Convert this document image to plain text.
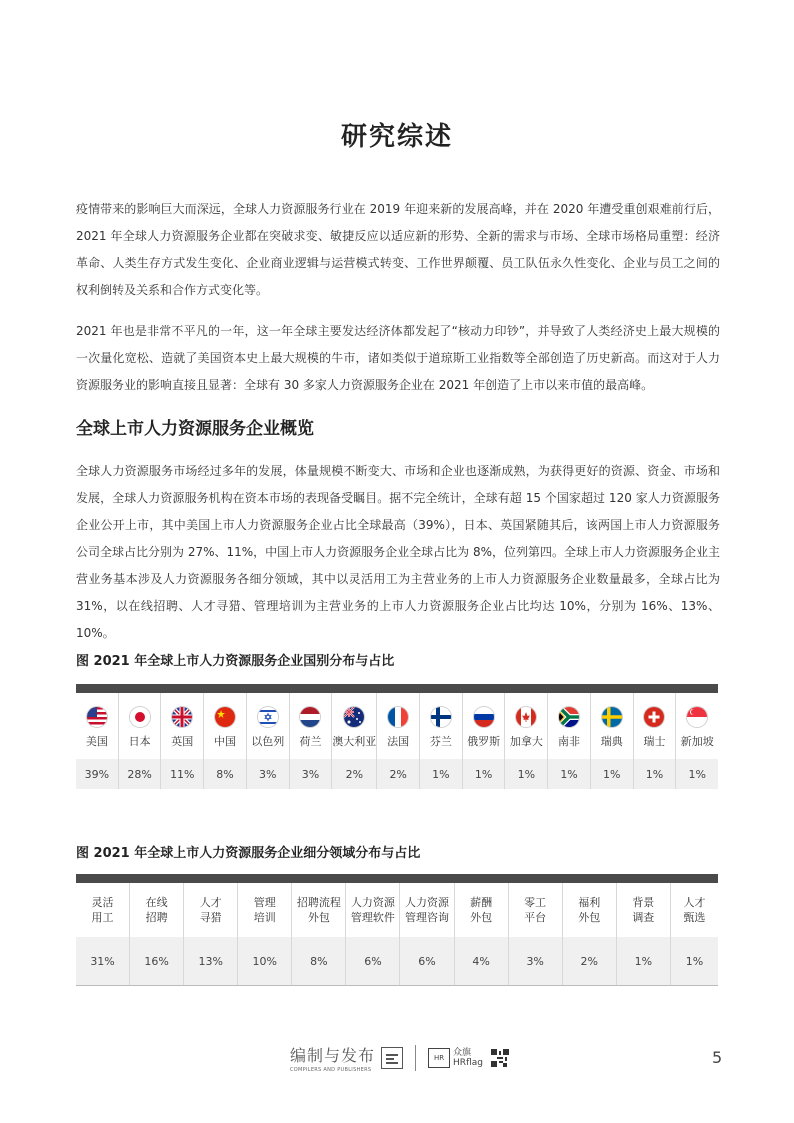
研究综述

疫情带来的影响巨大而深远，全球人力资源服务行业在 2019 年迎来新的发展高峰，并在 2020 年遭受重创艰难前行后，2021 年全球人力资源服务企业都在突破求变、敏捷反应以适应新的形势、全新的需求与市场、全球市场格局重塑：经济革命、人类生存方式发生变化、企业商业逻辑与运营模式转变、工作世界颠覆、员工队伍永久性变化、企业与员工之间的权利倒转及关系和合作方式变化等。

2021 年也是非常不平凡的一年，这一年全球主要发达经济体都发起了“核动力印钞”，并导致了人类经济史上最大规模的一次量化宽松、造就了美国资本史上最大规模的牛市，诸如类似于道琼斯工业指数等全部创造了历史新高。而这对于人力资源服务业的影响直接且显著：全球有 30 多家人力资源服务企业在 2021 年创造了上市以来市值的最高峰。

全球上市人力资源服务企业概览

全球人力资源服务市场经过多年的发展，体量规模不断变大、市场和企业也逐渐成熟，为获得更好的资源、资金、市场和发展，全球人力资源服务机构在资本市场的表现备受瞩目。据不完全统计，全球有超 15 个国家超过 120 家人力资源服务企业公开上市，其中美国上市人力资源服务企业占比全球最高（39%），日本、英国紧随其后，该两国上市人力资源服务公司全球占比分别为 27%、11%，中国上市人力资源服务企业全球占比为 8%，位列第四。全球上市人力资源服务企业主营业务基本涉及人力资源服务各细分领域，其中以灵活用工为主营业务的上市人力资源服务企业数量最多，全球占比为 31%，以在线招聘、人才寻猎、管理培训为主营业务的上市人力资源服务企业占比均达 10%，分别为 16%、13%、10%。

图 2021 年全球上市人力资源服务企业国别分布与占比
美国
39%
日本
28%
英国
11%
中国
8%
以色列
3%
荷兰
3%
澳大利亚
2%
法国
2%
芬兰
1%
俄罗斯
1%
加拿大
1%
南非
1%
瑞典
1%
瑞士
1%
新加坡
1%
图 2021 年全球上市人力资源服务企业细分领域分布与占比
灵活用工
31%
在线招聘
16%
人才寻猎
13%
管理培训
10%
招聘流程外包
8%
人力资源管理软件
6%
人力资源管理咨询
6%
薪酬外包
4%
零工平台
3%
福利外包
2%
背景调查
1%
人才甄选
1%
编制与发布
COMPILERS AND PUBLISHERS
HR 众旗
HRflag	5
